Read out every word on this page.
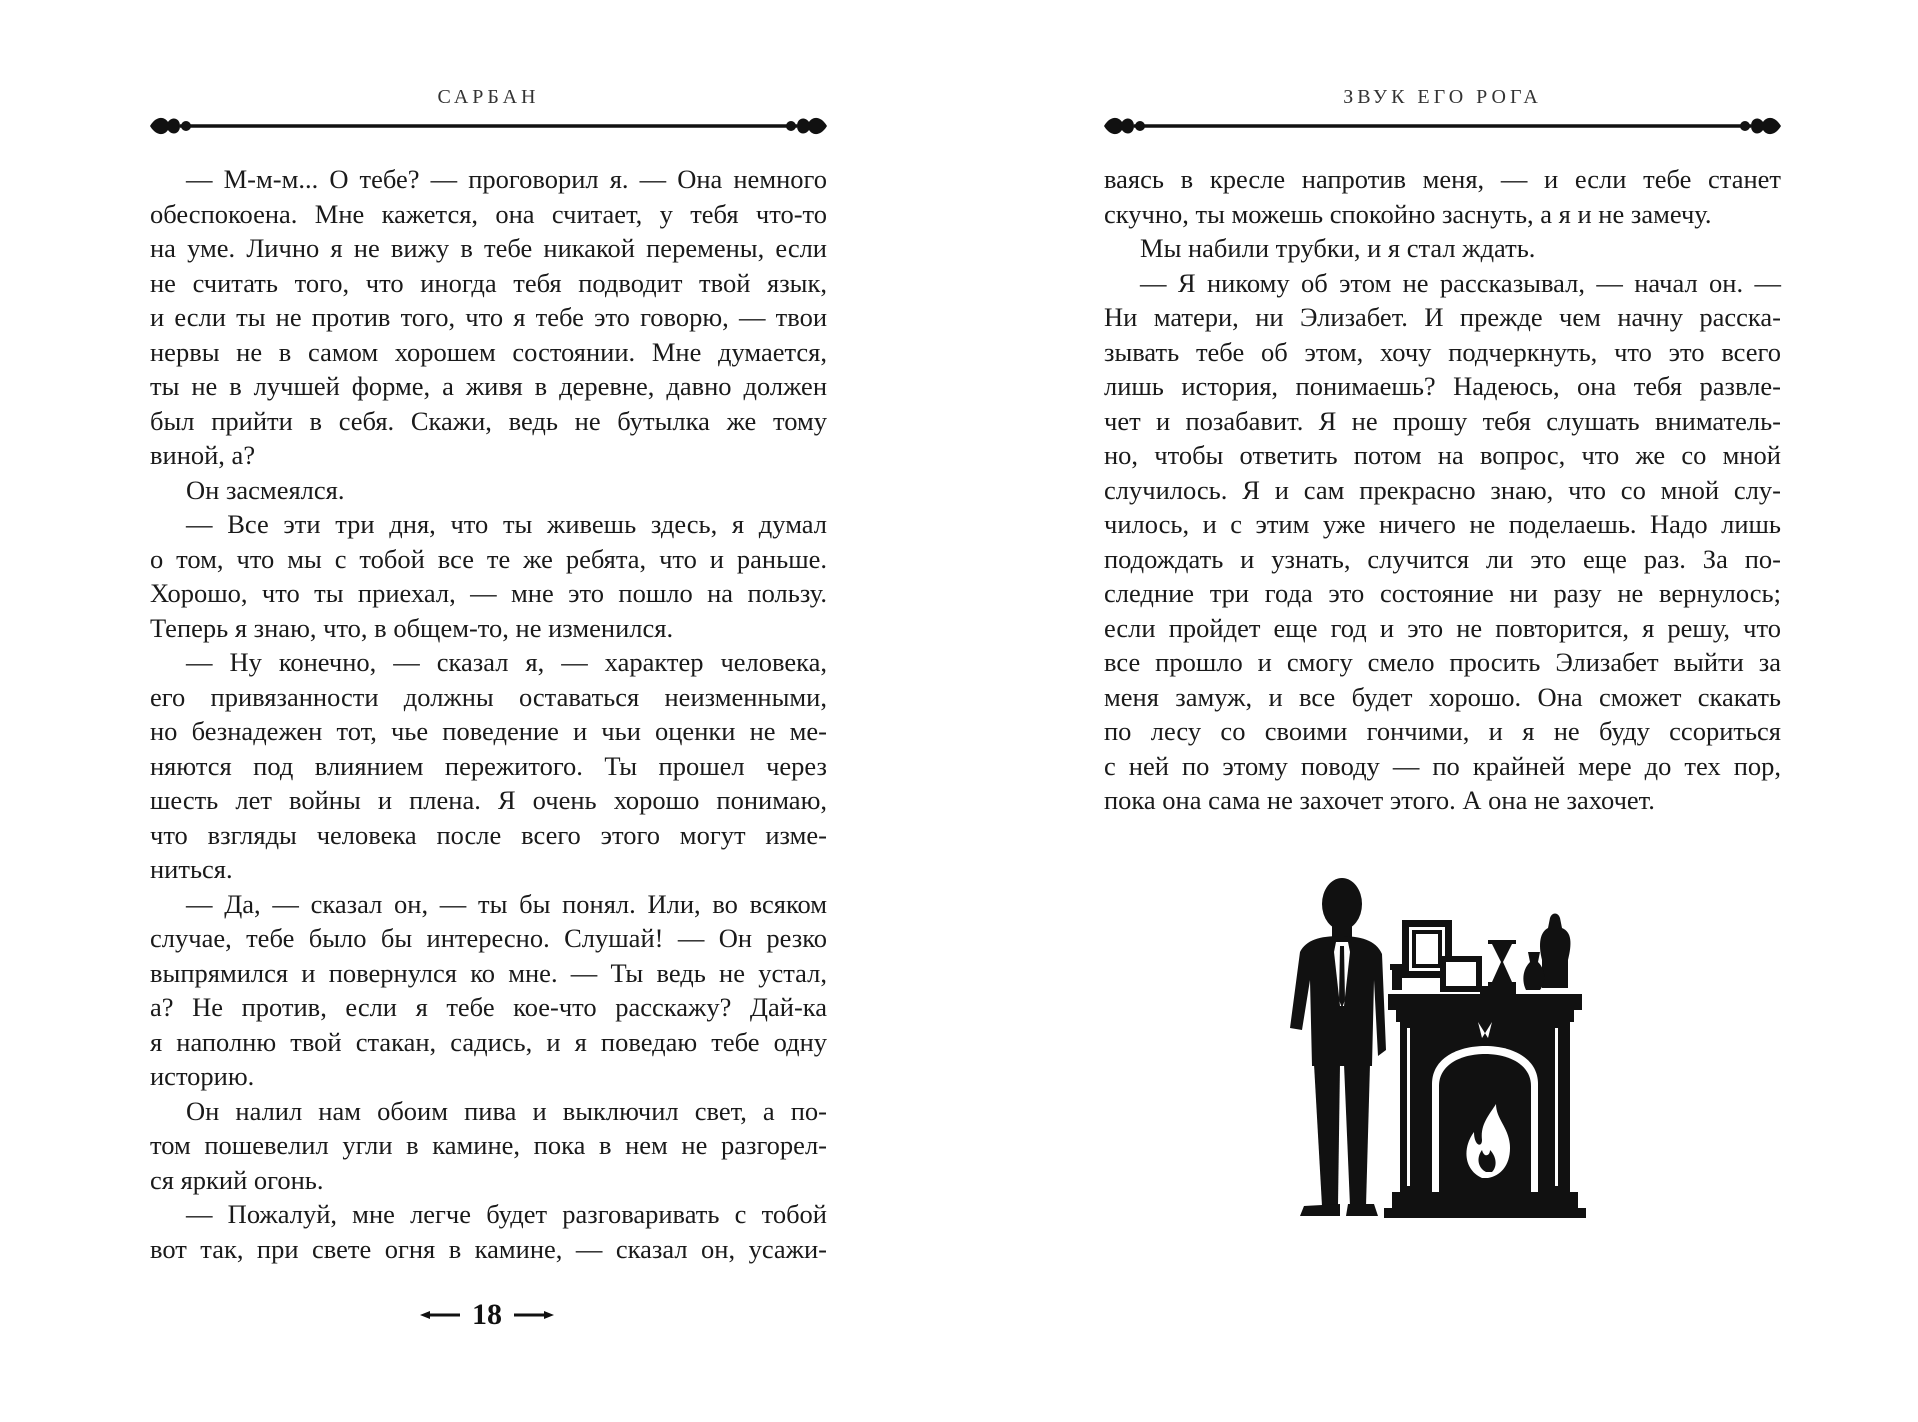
САРБАН
— М-м-м... О тебе? — проговорил я. — Она немного
обеспокоена. Мне кажется, она считает, у тебя что-то
на уме. Лично я не вижу в тебе никакой перемены, если
не считать того, что иногда тебя подводит твой язык,
и если ты не против того, что я тебе это говорю, — твои
нервы не в самом хорошем состоянии. Мне думается,
ты не в лучшей форме, а живя в деревне, давно должен
был прийти в себя. Скажи, ведь не бутылка же тому
виной, а?
Он засмеялся.
— Все эти три дня, что ты живешь здесь, я думал
о том, что мы с тобой все те же ребята, что и раньше.
Хорошо, что ты приехал, — мне это пошло на пользу.
Теперь я знаю, что, в общем-то, не изменился.
— Ну конечно, — сказал я, — характер человека,
его привязанности должны оставаться неизменными,
но безнадежен тот, чье поведение и чьи оценки не ме-
няются под влиянием пережитого. Ты прошел через
шесть лет войны и плена. Я очень хорошо понимаю,
что взгляды человека после всего этого могут изме-
ниться.
— Да, — сказал он, — ты бы понял. Или, во всяком
случае, тебе было бы интересно. Слушай! — Он резко
выпрямился и повернулся ко мне. — Ты ведь не устал,
а? Не против, если я тебе кое-что расскажу? Дай-ка
я наполню твой стакан, садись, и я поведаю тебе одну
историю.
Он налил нам обоим пива и выключил свет, а по-
том пошевелил угли в камине, пока в нем не разгорел-
ся яркий огонь.
— Пожалуй, мне легче будет разговаривать с тобой
вот так, при свете огня в камине, — сказал он, усажи-
18
ЗВУК ЕГО РОГА
ваясь в кресле напротив меня, — и если тебе станет
скучно, ты можешь спокойно заснуть, а я и не замечу.
Мы набили трубки, и я стал ждать.
— Я никому об этом не рассказывал, — начал он. —
Ни матери, ни Элизабет. И прежде чем начну расска-
зывать тебе об этом, хочу подчеркнуть, что это всего
лишь история, понимаешь? Надеюсь, она тебя развле-
чет и позабавит. Я не прошу тебя слушать вниматель-
но, чтобы ответить потом на вопрос, что же со мной
случилось. Я и сам прекрасно знаю, что со мной слу-
чилось, и с этим уже ничего не поделаешь. Надо лишь
подождать и узнать, случится ли это еще раз. За по-
следние три года это состояние ни разу не вернулось;
если пройдет еще год и это не повторится, я решу, что
все прошло и смогу смело просить Элизабет выйти за
меня замуж, и все будет хорошо. Она сможет скакать
по лесу со своими гончими, и я не буду ссориться
с ней по этому поводу — по крайней мере до тех пор,
пока она сама не захочет этого. А она не захочет.
